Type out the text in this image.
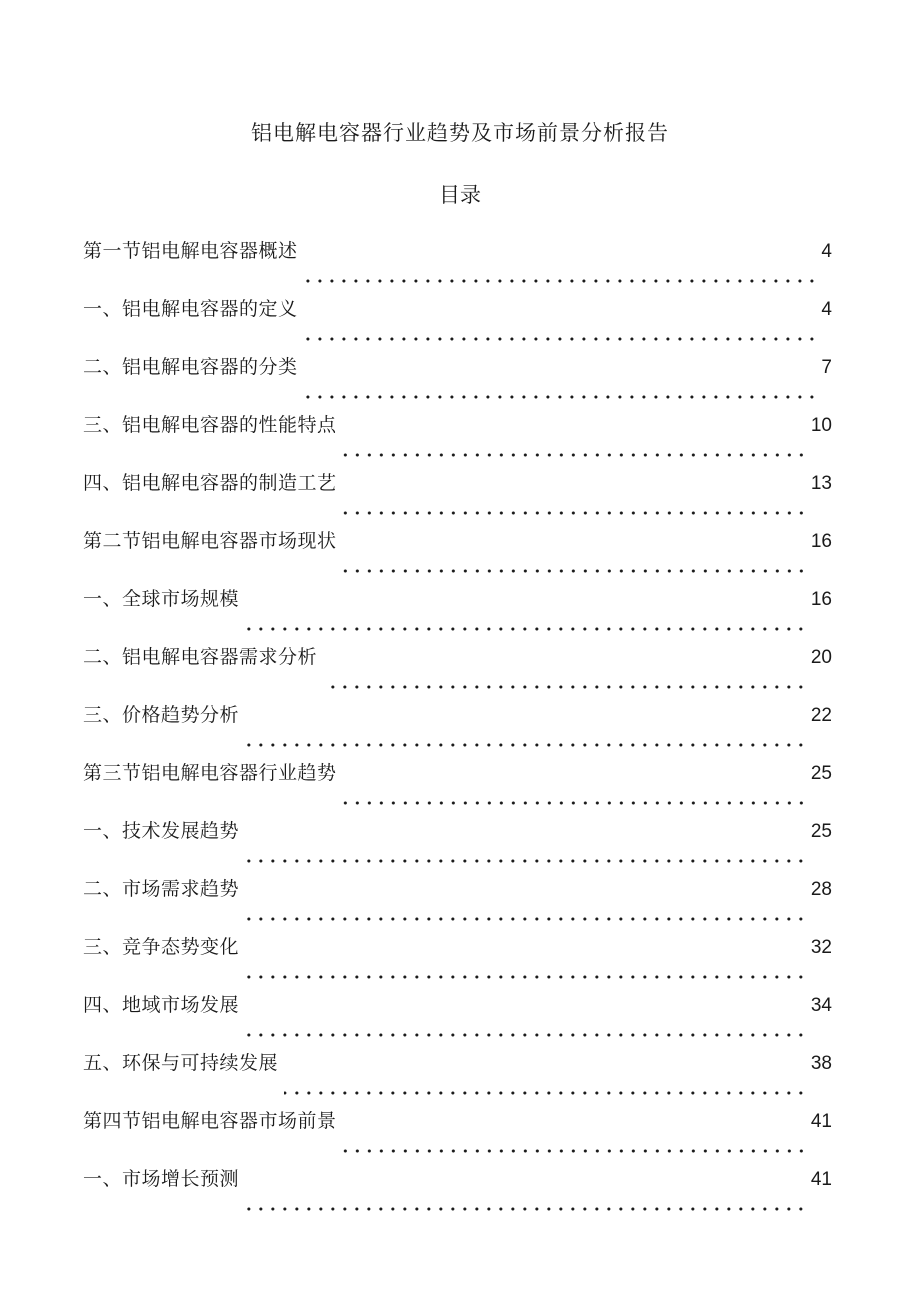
铝电解电容器行业趋势及市场前景分析报告
目录
第一节铝电解电容器概述	4
一、铝电解电容器的定义	4
二、铝电解电容器的分类	7
三、铝电解电容器的性能特点	10
四、铝电解电容器的制造工艺	13
第二节铝电解电容器市场现状	16
一、全球市场规模	16
二、铝电解电容器需求分析	20
三、价格趋势分析	22
第三节铝电解电容器行业趋势	25
一、技术发展趋势	25
二、市场需求趋势	28
三、竞争态势变化	32
四、地域市场发展	34
五、环保与可持续发展	38
第四节铝电解电容器市场前景	41
一、市场增长预测	41
